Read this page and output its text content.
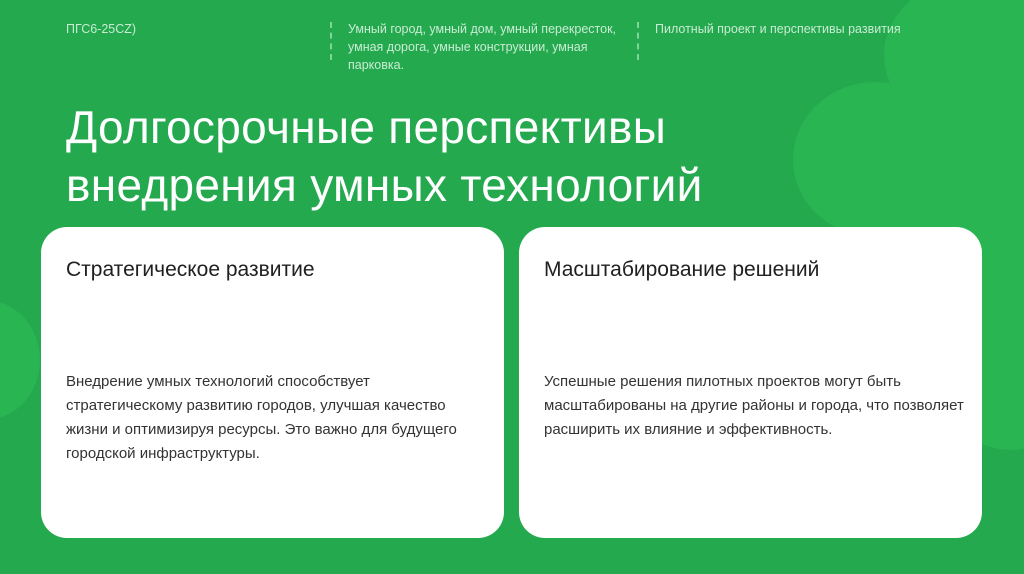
ПГС6-25CZ)	Умный город, умный дом, умный перекресток, умная дорога, умные конструкции, умная парковка.
Пилотный проект и перспективы развития
Долгосрочные перспективы
внедрения умных технологий
Стратегическое развитие
Внедрение умных технологий способствует стратегическому развитию городов, улучшая качество жизни и оптимизируя ресурсы. Это важно для будущего городской инфраструктуры.
Масштабирование решений
Успешные решения пилотных проектов могут быть масштабированы на другие районы и города, что позволяет расширить их влияние и эффективность.
